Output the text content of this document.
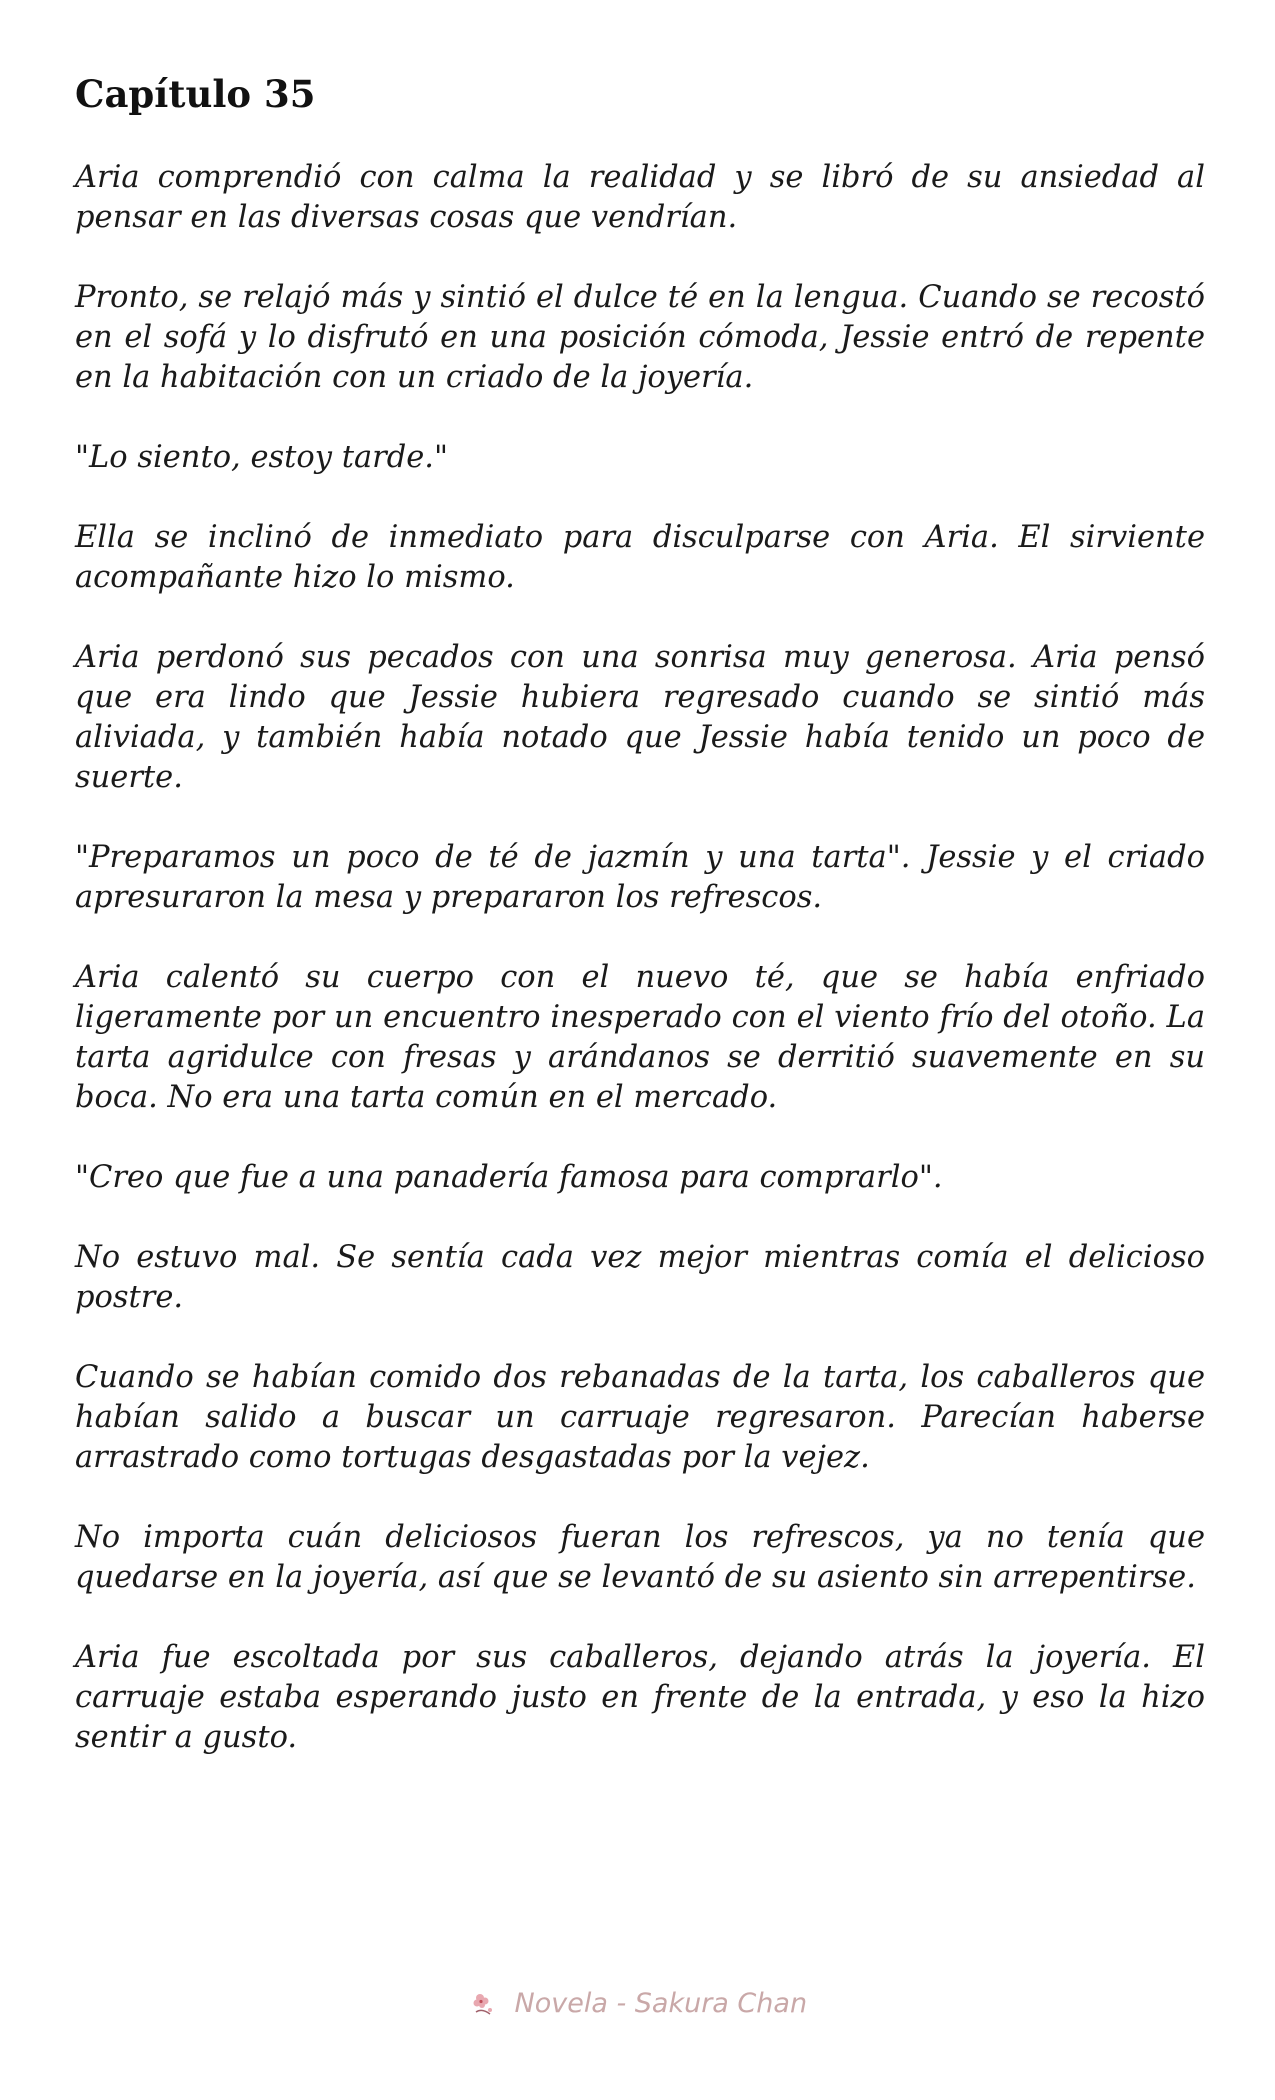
Capítulo 35

Aria comprendió con calma la realidad y se libró de su ansiedad al pensar en las diversas cosas que vendrían.

Pronto, se relajó más y sintió el dulce té en la lengua. Cuando se recostó en el sofá y lo disfrutó en una posición cómoda, Jessie entró de repente en la habitación con un criado de la joyería.

"Lo siento, estoy tarde."

Ella se inclinó de inmediato para disculparse con Aria. El sirviente acompañante hizo lo mismo.

Aria perdonó sus pecados con una sonrisa muy generosa. Aria pensó que era lindo que Jessie hubiera regresado cuando se sintió más aliviada, y también había notado que Jessie había tenido un poco de suerte.

"Preparamos un poco de té de jazmín y una tarta". Jessie y el criado apresuraron la mesa y prepararon los refrescos.

Aria calentó su cuerpo con el nuevo té, que se había enfriado ligeramente por un encuentro inesperado con el viento frío del otoño. La tarta agridulce con fresas y arándanos se derritió suavemente en su boca. No era una tarta común en el mercado.

"Creo que fue a una panadería famosa para comprarlo".

No estuvo mal. Se sentía cada vez mejor mientras comía el delicioso postre.

Cuando se habían comido dos rebanadas de la tarta, los caballeros que habían salido a buscar un carruaje regresaron. Parecían haberse arrastrado como tortugas desgastadas por la vejez.

No importa cuán deliciosos fueran los refrescos, ya no tenía que quedarse en la joyería, así que se levantó de su asiento sin arrepentirse.

Aria fue escoltada por sus caballeros, dejando atrás la joyería. El carruaje estaba esperando justo en frente de la entrada, y eso la hizo sentir a gusto.

Novela - Sakura Chan
